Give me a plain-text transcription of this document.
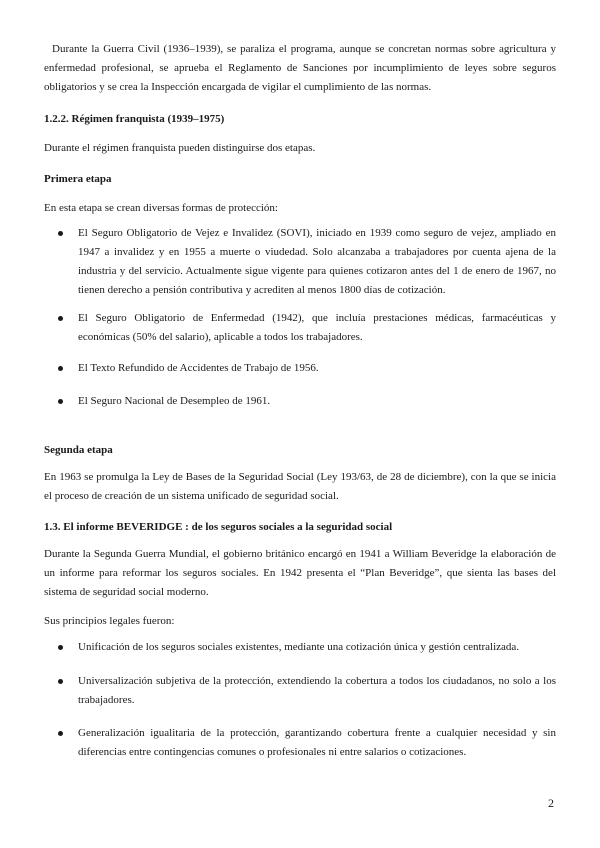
Durante la Guerra Civil (1936–1939), se paraliza el programa, aunque se concretan normas sobre agricultura y enfermedad profesional, se aprueba el Reglamento de Sanciones por incumplimiento de leyes sobre seguros obligatorios y se crea la Inspección encargada de vigilar el cumplimiento de las normas.

1.2.2. Régimen franquista (1939–1975)

Durante el régimen franquista pueden distinguirse dos etapas.

Primera etapa

En esta etapa se crean diversas formas de protección:

El Seguro Obligatorio de Vejez e Invalidez (SOVI), iniciado en 1939 como seguro de vejez, ampliado en 1947 a invalidez y en 1955 a muerte o viudedad. Solo alcanzaba a trabajadores por cuenta ajena de la industria y del servicio. Actualmente sigue vigente para quienes cotizaron antes del 1 de enero de 1967, no tienen derecho a pensión contributiva y acrediten al menos 1800 días de cotización.
El Seguro Obligatorio de Enfermedad (1942), que incluía prestaciones médicas, farmacéuticas y económicas (50% del salario), aplicable a todos los trabajadores.
El Texto Refundido de Accidentes de Trabajo de 1956.
El Seguro Nacional de Desempleo de 1961.
Segunda etapa

En 1963 se promulga la Ley de Bases de la Seguridad Social (Ley 193/63, de 28 de diciembre), con la que se inicia el proceso de creación de un sistema unificado de seguridad social.

1.3. El informe BEVERIDGE : de los seguros sociales a la seguridad social

Durante la Segunda Guerra Mundial, el gobierno británico encargó en 1941 a William Beveridge la elaboración de un informe para reformar los seguros sociales. En 1942 presenta el “Plan Beveridge”, que sienta las bases del sistema de seguridad social moderno.

Sus principios legales fueron:

Unificación de los seguros sociales existentes, mediante una cotización única y gestión centralizada.
Universalización subjetiva de la protección, extendiendo la cobertura a todos los ciudadanos, no solo a los trabajadores.
Generalización igualitaria de la protección, garantizando cobertura frente a cualquier necesidad y sin diferencias entre contingencias comunes o profesionales ni entre salarios o cotizaciones.
2
